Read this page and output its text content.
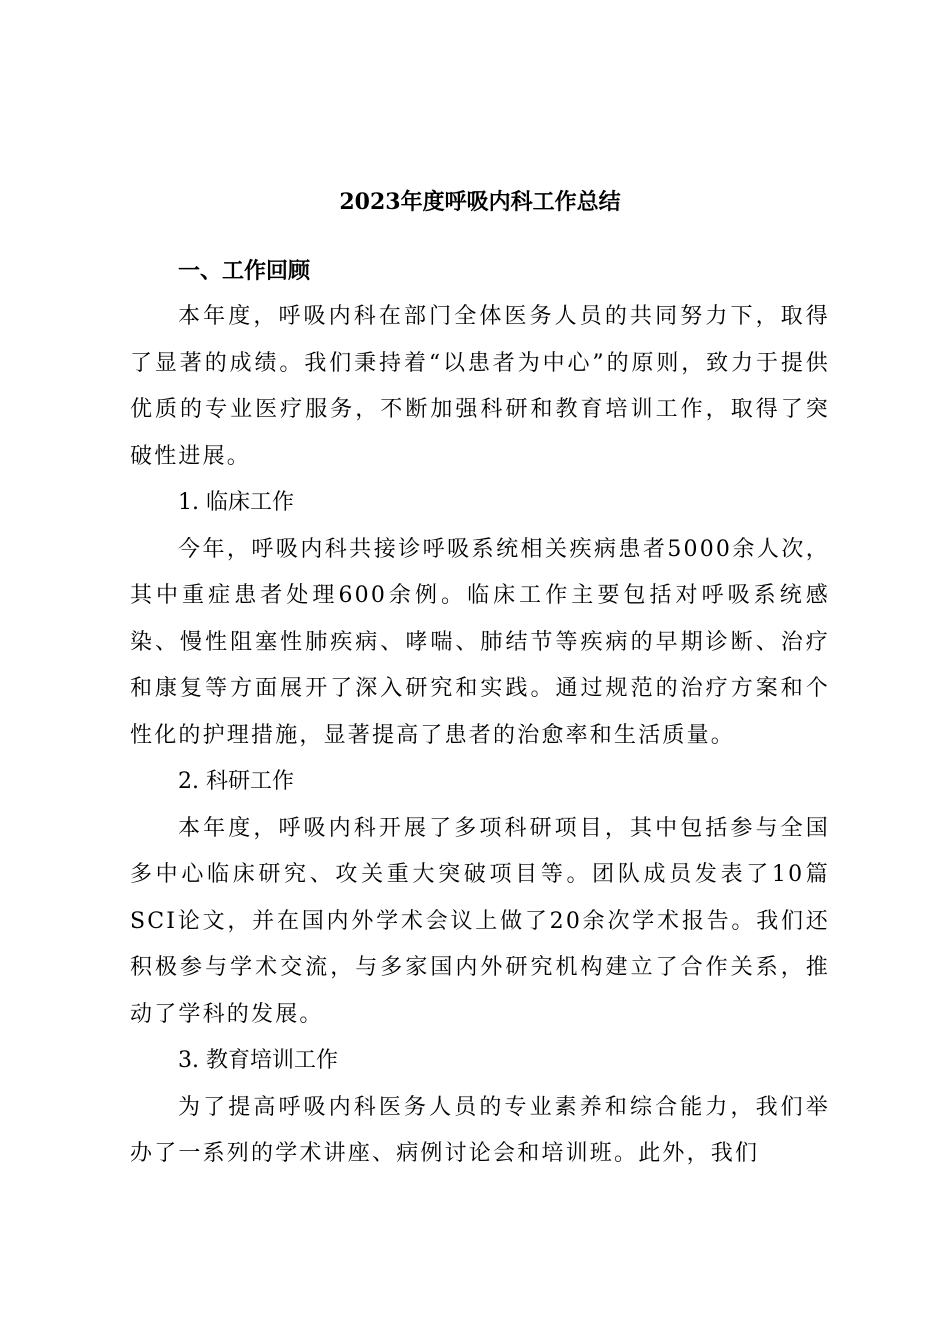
2023年度呼吸内科工作总结

一、工作回顾

本年度，呼吸内科在部门全体医务人员的共同努力下，取得了显著的成绩。我们秉持着“以患者为中心”的原则，致力于提供优质的专业医疗服务，不断加强科研和教育培训工作，取得了突破性进展。

1. 临床工作

今年，呼吸内科共接诊呼吸系统相关疾病患者5000余人次，其中重症患者处理600余例。临床工作主要包括对呼吸系统感染、慢性阻塞性肺疾病、哮喘、肺结节等疾病的早期诊断、治疗和康复等方面展开了深入研究和实践。通过规范的治疗方案和个性化的护理措施，显著提高了患者的治愈率和生活质量。

2. 科研工作

本年度，呼吸内科开展了多项科研项目，其中包括参与全国多中心临床研究、攻关重大突破项目等。团队成员发表了10篇SCI论文，并在国内外学术会议上做了20余次学术报告。我们还积极参与学术交流，与多家国内外研究机构建立了合作关系，推动了学科的发展。

3. 教育培训工作

为了提高呼吸内科医务人员的专业素养和综合能力，我们举办了一系列的学术讲座、病例讨论会和培训班。此外，我们
